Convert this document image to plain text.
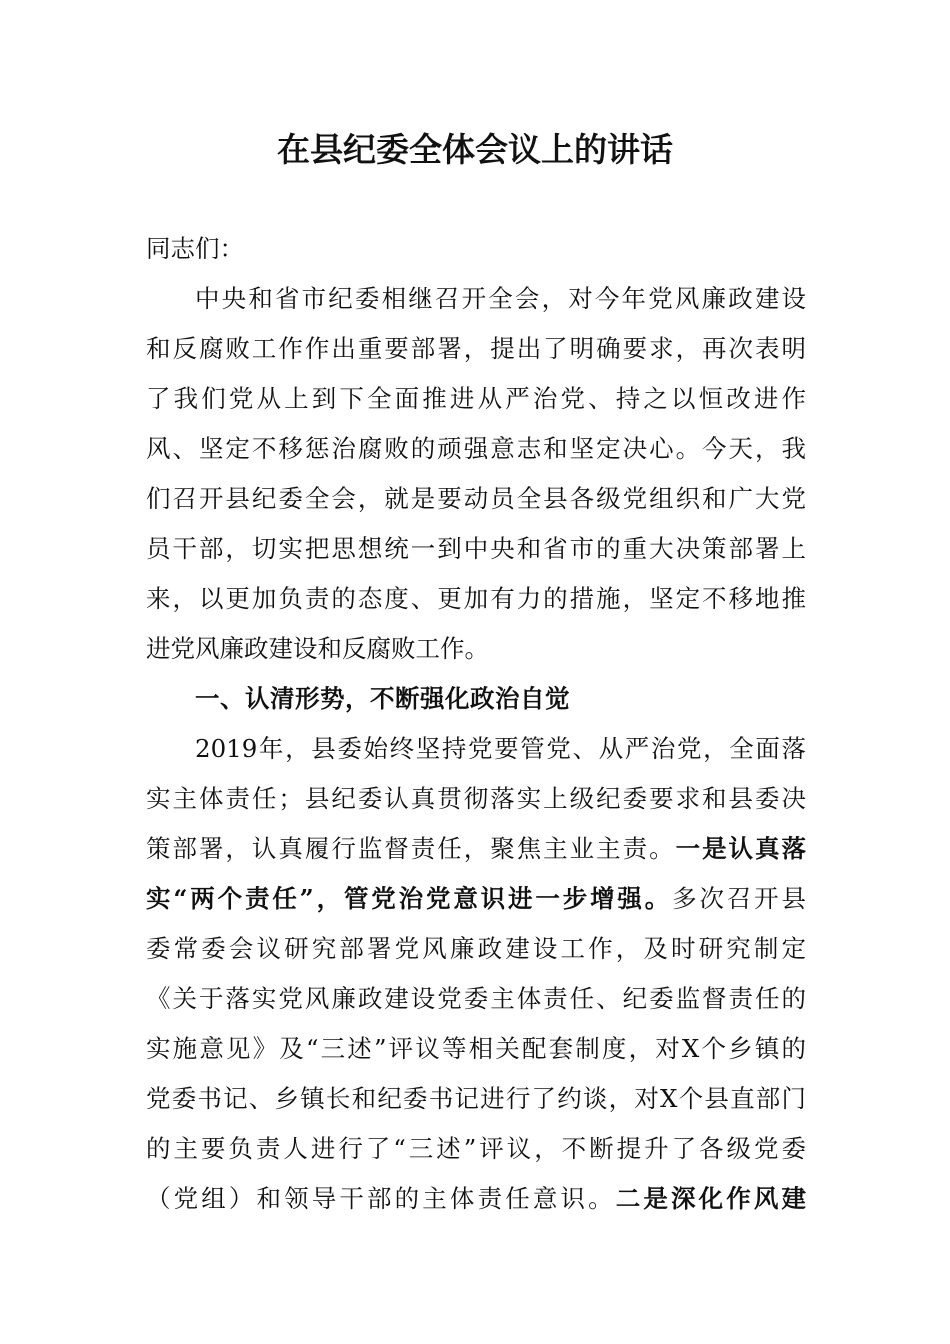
在县纪委全体会议上的讲话

同志们：

中央和省市纪委相继召开全会，对今年党风廉政建设
和反腐败工作作出重要部署，提出了明确要求，再次表明
了我们党从上到下全面推进从严治党、持之以恒改进作
风、坚定不移惩治腐败的顽强意志和坚定决心。今天，我
们召开县纪委全会，就是要动员全县各级党组织和广大党
员干部，切实把思想统一到中央和省市的重大决策部署上
来，以更加负责的态度、更加有力的措施，坚定不移地推
进党风廉政建设和反腐败工作。

一、认清形势，不断强化政治自觉

2019年，县委始终坚持党要管党、从严治党，全面落
实主体责任；县纪委认真贯彻落实上级纪委要求和县委决
策部署，认真履行监督责任，聚焦主业主责。一是认真落
实“两个责任”，管党治党意识进一步增强。多次召开县
委常委会议研究部署党风廉政建设工作，及时研究制定
《关于落实党风廉政建设党委主体责任、纪委监督责任的
实施意见》及“三述”评议等相关配套制度，对X个乡镇的
党委书记、乡镇长和纪委书记进行了约谈，对X个县直部门
的主要负责人进行了“三述”评议，不断提升了各级党委
（党组）和领导干部的主体责任意识。二是深化作风建
